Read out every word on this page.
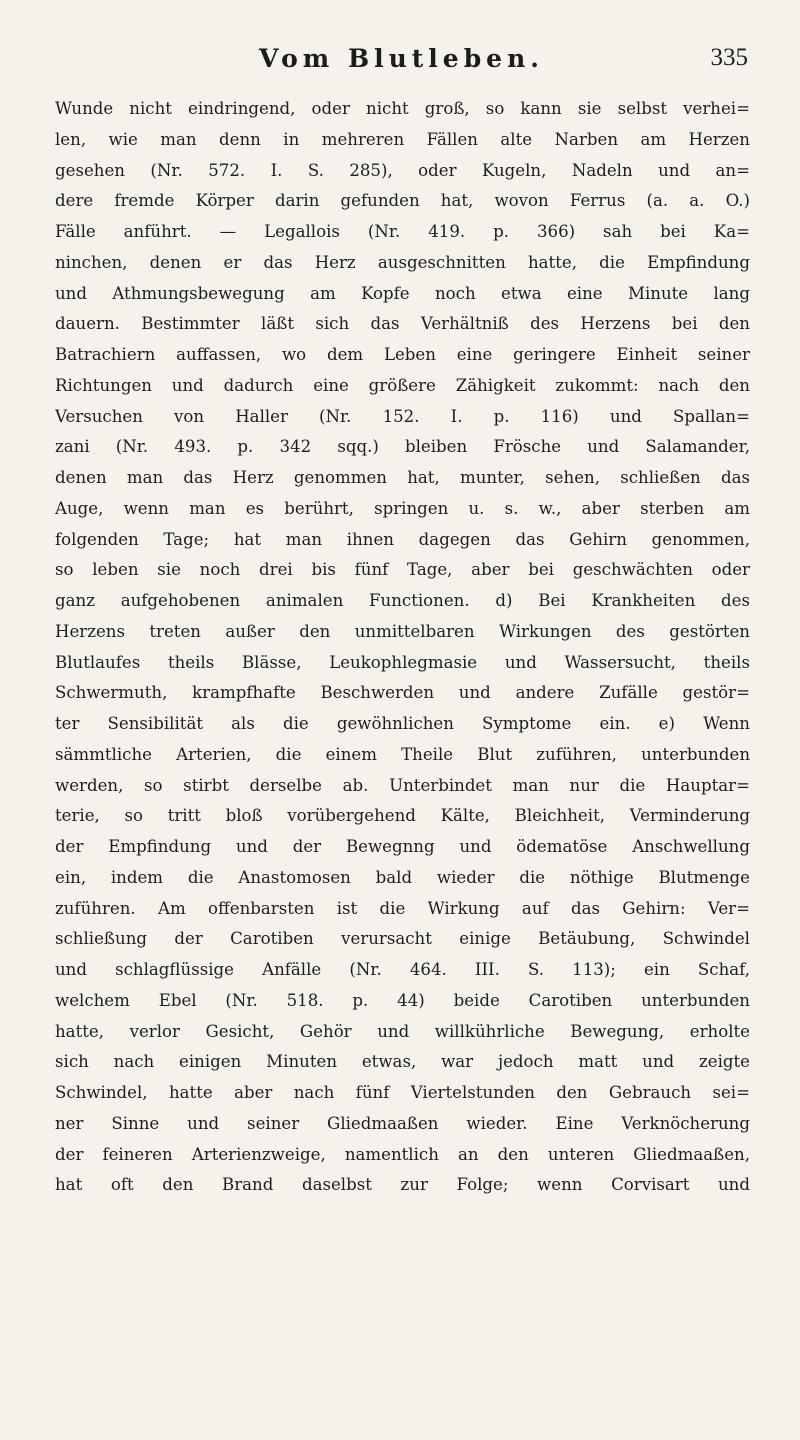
Vom Blutleben.	335
Wunde nicht eindringend, oder nicht groß, so kann sie selbst verhei=
len, wie man denn in mehreren Fällen alte Narben am Herzen
gesehen (Nr. 572. I. S. 285), oder Kugeln, Nadeln und an=
dere fremde Körper darin gefunden hat, wovon Ferrus (a. a. O.)
Fälle anführt. — Legallois (Nr. 419. p. 366) sah bei Ka=
ninchen, denen er das Herz ausgeschnitten hatte, die Empfindung
und Athmungsbewegung am Kopfe noch etwa eine Minute lang
dauern. Bestimmter läßt sich das Verhältniß des Herzens bei den
Batrachiern auffassen, wo dem Leben eine geringere Einheit seiner
Richtungen und dadurch eine größere Zähigkeit zukommt: nach den
Versuchen von Haller (Nr. 152. I. p. 116) und Spallan=
zani (Nr. 493. p. 342 sqq.) bleiben Frösche und Salamander,
denen man das Herz genommen hat, munter, sehen, schließen das
Auge, wenn man es berührt, springen u. s. w., aber sterben am
folgenden Tage; hat man ihnen dagegen das Gehirn genommen,
so leben sie noch drei bis fünf Tage, aber bei geschwächten oder
ganz aufgehobenen animalen Functionen. d) Bei Krankheiten des
Herzens treten außer den unmittelbaren Wirkungen des gestörten
Blutlaufes theils Blässe, Leukophlegmasie und Wassersucht, theils
Schwermuth, krampfhafte Beschwerden und andere Zufälle gestör=
ter Sensibilität als die gewöhnlichen Symptome ein. e) Wenn
sämmtliche Arterien, die einem Theile Blut zuführen, unterbunden
werden, so stirbt derselbe ab. Unterbindet man nur die Hauptar=
terie, so tritt bloß vorübergehend Kälte, Bleichheit, Verminderung
der Empfindung und der Bewegnng und ödematöse Anschwellung
ein, indem die Anastomosen bald wieder die nöthige Blutmenge
zuführen. Am offenbarsten ist die Wirkung auf das Gehirn: Ver=
schließung der Carotiben verursacht einige Betäubung, Schwindel
und schlagflüssige Anfälle (Nr. 464. III. S. 113); ein Schaf,
welchem Ebel (Nr. 518. p. 44) beide Carotiben unterbunden
hatte, verlor Gesicht, Gehör und willkührliche Bewegung, erholte
sich nach einigen Minuten etwas, war jedoch matt und zeigte
Schwindel, hatte aber nach fünf Viertelstunden den Gebrauch sei=
ner Sinne und seiner Gliedmaaßen wieder. Eine Verknöcherung
der feineren Arterienzweige, namentlich an den unteren Gliedmaaßen,
hat oft den Brand daselbst zur Folge; wenn Corvisart und
